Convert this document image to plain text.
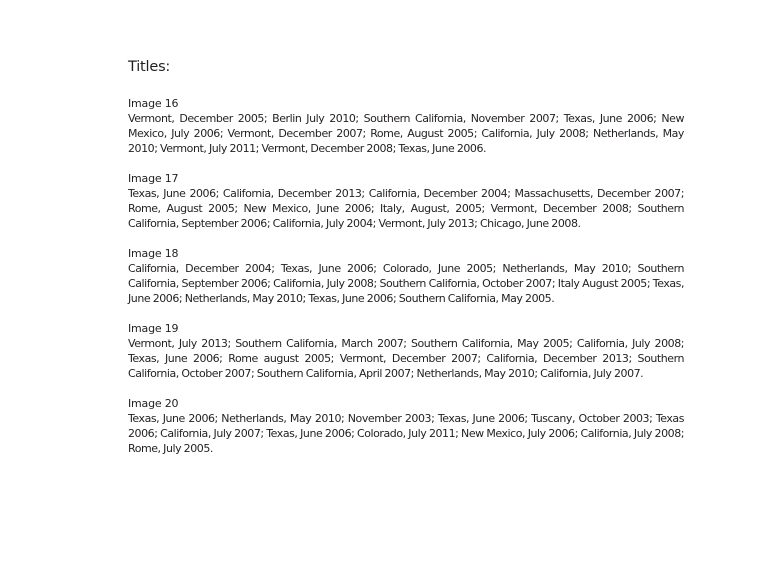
Titles:
Image 16
Vermont, December 2005; Berlin July 2010; Southern California, November 2007; Texas, June 2006; New Mexico, July 2006; Vermont, December 2007; Rome, August 2005; California, July 2008; Netherlands, May 2010; Vermont, July 2011; Vermont, December 2008; Texas, June 2006.
Image 17
Texas, June 2006; California, December 2013; California, December 2004; Massachusetts, December 2007; Rome, August 2005; New Mexico, June 2006; Italy, August, 2005; Vermont, December 2008; Southern California, September 2006; California, July 2004; Vermont, July 2013; Chicago, June 2008.
Image 18
California, December 2004; Texas, June 2006; Colorado, June 2005; Netherlands, May 2010; Southern California, September 2006; California, July 2008; Southern California, October 2007; Italy August 2005; Texas, June 2006; Netherlands, May 2010; Texas, June 2006; Southern California, May 2005.
Image 19
Vermont, July 2013; Southern California, March 2007; Southern California, May 2005; California, July 2008; Texas, June 2006; Rome august 2005; Vermont, December 2007; California, December 2013; Southern California, October 2007; Southern California, April 2007; Netherlands, May 2010; California, July 2007.
Image 20
Texas, June 2006; Netherlands, May 2010; November 2003; Texas, June 2006; Tuscany, October 2003; Texas 2006; California, July 2007; Texas, June 2006; Colorado, July 2011; New Mexico, July 2006; California, July 2008; Rome, July 2005.
